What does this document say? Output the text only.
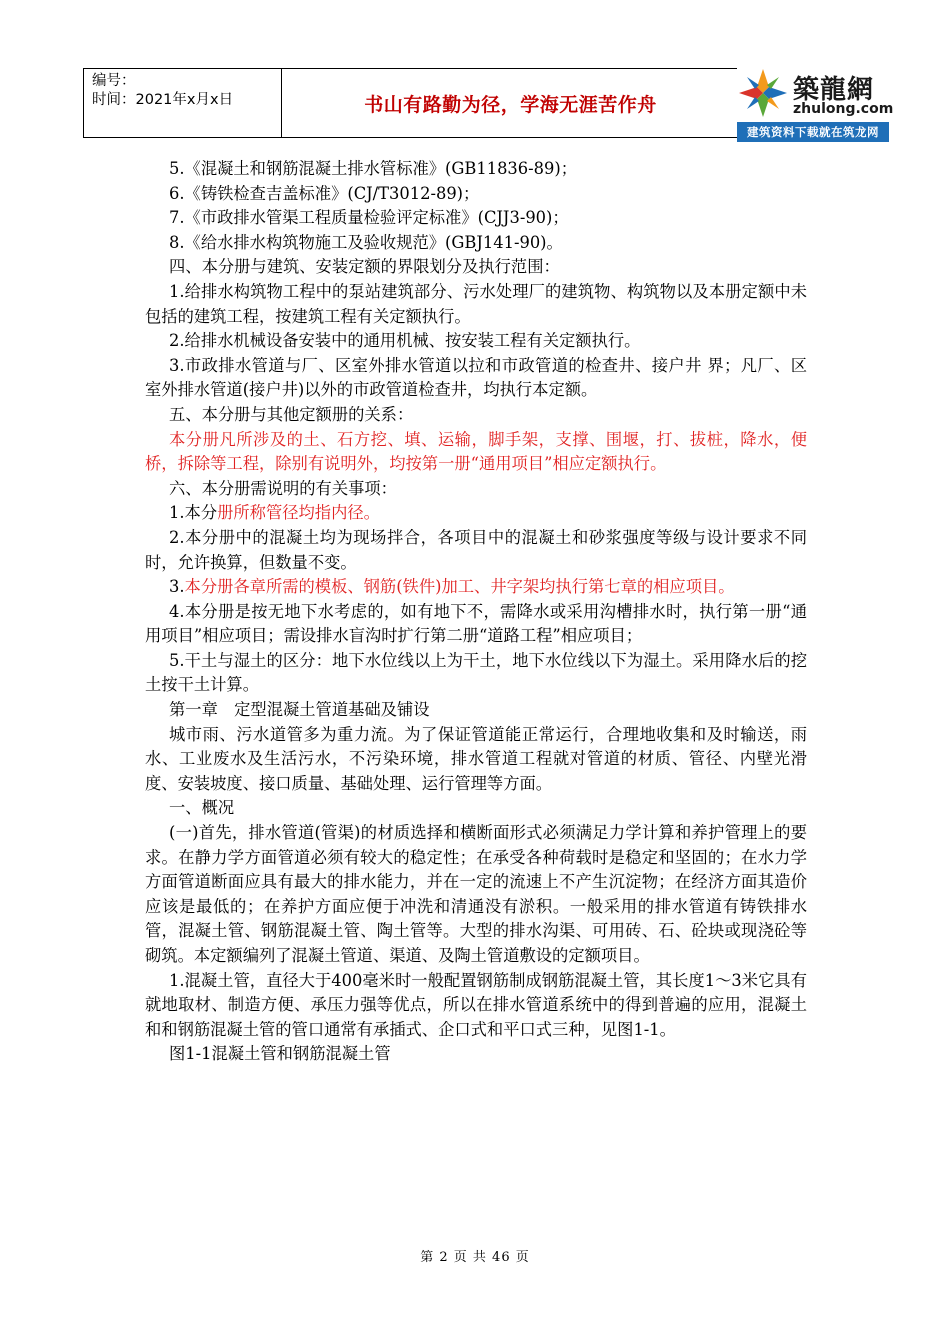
编号：
时间：2021年x月x日	书山有路勤为径，学海无涯苦作舟	築龍網
zhulong.com
建筑资料下载就在筑龙网

5.《混凝土和钢筋混凝土排水管标准》(GB11836-89)；

6.《铸铁检查吉盖标准》(CJ/T3012-89)；

7.《市政排水管渠工程质量检验评定标准》(CJJ3-90)；

8.《给水排水构筑物施工及验收规范》(GBJ141-90)。

四、本分册与建筑、安装定额的界限划分及执行范围：

1.给排水构筑物工程中的泵站建筑部分、污水处理厂的建筑物、构筑物以及本册定额中未包括的建筑工程，按建筑工程有关定额执行。

2.给排水机械设备安装中的通用机械、按安装工程有关定额执行。

3.市政排水管道与厂、区室外排水管道以拉和市政管道的检查井、接户井 界；凡厂、区室外排水管道(接户井)以外的市政管道检查井，均执行本定额。

五、本分册与其他定额册的关系：

本分册凡所涉及的土、石方挖、填、运输，脚手架，支撑、围堰，打、拔桩，降水，便桥，拆除等工程，除别有说明外，均按第一册“通用项目”相应定额执行。

六、本分册需说明的有关事项：

1.本分册所称管径均指内径。

2.本分册中的混凝土均为现场拌合，各项目中的混凝土和砂浆强度等级与设计要求不同时，允许换算，但数量不变。

3.本分册各章所需的模板、钢筋(铁件)加工、井字架均执行第七章的相应项目。

4.本分册是按无地下水考虑的，如有地下不，需降水或采用沟槽排水时，执行第一册“通用项目”相应项目；需设排水盲沟时扩行第二册“道路工程”相应项目；

5.干土与湿土的区分：地下水位线以上为干土，地下水位线以下为湿土。采用降水后的挖土按干土计算。

第一章　定型混凝土管道基础及铺设

城市雨、污水道管多为重力流。为了保证管道能正常运行，合理地收集和及时输送，雨水、工业废水及生活污水，不污染环境，排水管道工程就对管道的材质、管径、内壁光滑度、安装坡度、接口质量、基础处理、运行管理等方面。

一、概况

(一)首先，排水管道(管渠)的材质选择和横断面形式必须满足力学计算和养护管理上的要求。在静力学方面管道必须有较大的稳定性；在承受各种荷载时是稳定和坚固的；在水力学方面管道断面应具有最大的排水能力，并在一定的流速上不产生沉淀物；在经济方面其造价应该是最低的；在养护方面应便于冲洗和清通没有淤积。一般采用的排水管道有铸铁排水管，混凝土管、钢筋混凝土管、陶土管等。大型的排水沟渠、可用砖、石、砼块或现浇砼等砌筑。本定额编列了混凝土管道、渠道、及陶土管道敷设的定额项目。

1.混凝土管，直径大于400毫米时一般配置钢筋制成钢筋混凝土管，其长度1～3米它具有就地取材、制造方便、承压力强等优点，所以在排水管道系统中的得到普遍的应用，混凝土和和钢筋混凝土管的管口通常有承插式、企口式和平口式三种，见图1-1。

图1-1混凝土管和钢筋混凝土管

第 2 页 共 46 页
